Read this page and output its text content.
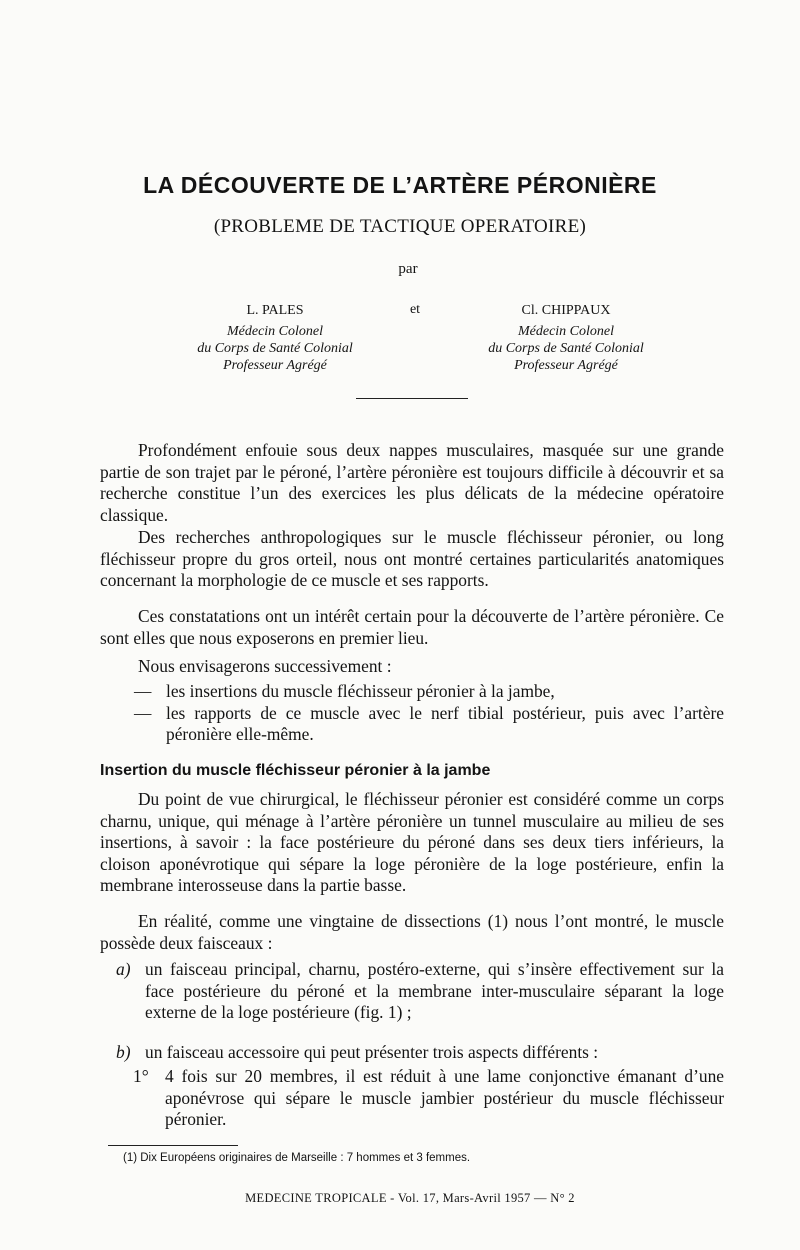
LA DÉCOUVERTE DE L’ARTÈRE PÉRONIÈRE
(PROBLEME DE TACTIQUE OPERATOIRE)
par
L. PALES
Médecin Colonel
du Corps de Santé Colonial
Professeur Agrégé
et	Cl. CHIPPAUX
Médecin Colonel
du Corps de Santé Colonial
Professeur Agrégé

Profondément enfouie sous deux nappes musculaires, masquée sur une grande partie de son trajet par le péroné, l’artère péronière est toujours difficile à découvrir et sa recherche constitue l’un des exercices les plus délicats de la médecine opératoire classique.

Des recherches anthropologiques sur le muscle fléchisseur péronier, ou long fléchisseur propre du gros orteil, nous ont montré certaines particularités anatomiques concernant la morphologie de ce muscle et ses rapports.

Ces constatations ont un intérêt certain pour la découverte de l’artère péronière. Ce sont elles que nous exposerons en premier lieu.

Nous envisagerons successivement :

— les insertions du muscle fléchisseur péronier à la jambe,
— les rapports de ce muscle avec le nerf tibial postérieur, puis avec l’artère péronière elle-même.
Insertion du muscle fléchisseur péronier à la jambe

Du point de vue chirurgical, le fléchisseur péronier est considéré comme un corps charnu, unique, qui ménage à l’artère péronière un tunnel musculaire au milieu de ses insertions, à savoir : la face postérieure du péroné dans ses deux tiers inférieurs, la cloison aponévrotique qui sépare la loge péronière de la loge postérieure, enfin la membrane interosseuse dans la partie basse.

En réalité, comme une vingtaine de dissections (1) nous l’ont montré, le muscle possède deux faisceaux :

a) un faisceau principal, charnu, postéro-externe, qui s’insère effectivement sur la face postérieure du péroné et la membrane inter-musculaire séparant la loge externe de la loge postérieure (fig. 1) ;
b) un faisceau accessoire qui peut présenter trois aspects différents :
1° 4 fois sur 20 membres, il est réduit à une lame conjonctive émanant d’une aponévrose qui sépare le muscle jambier postérieur du muscle fléchisseur péronier.
(1) Dix Européens originaires de Marseille : 7 hommes et 3 femmes.
MEDECINE TROPICALE - Vol. 17, Mars-Avril 1957 — N° 2
